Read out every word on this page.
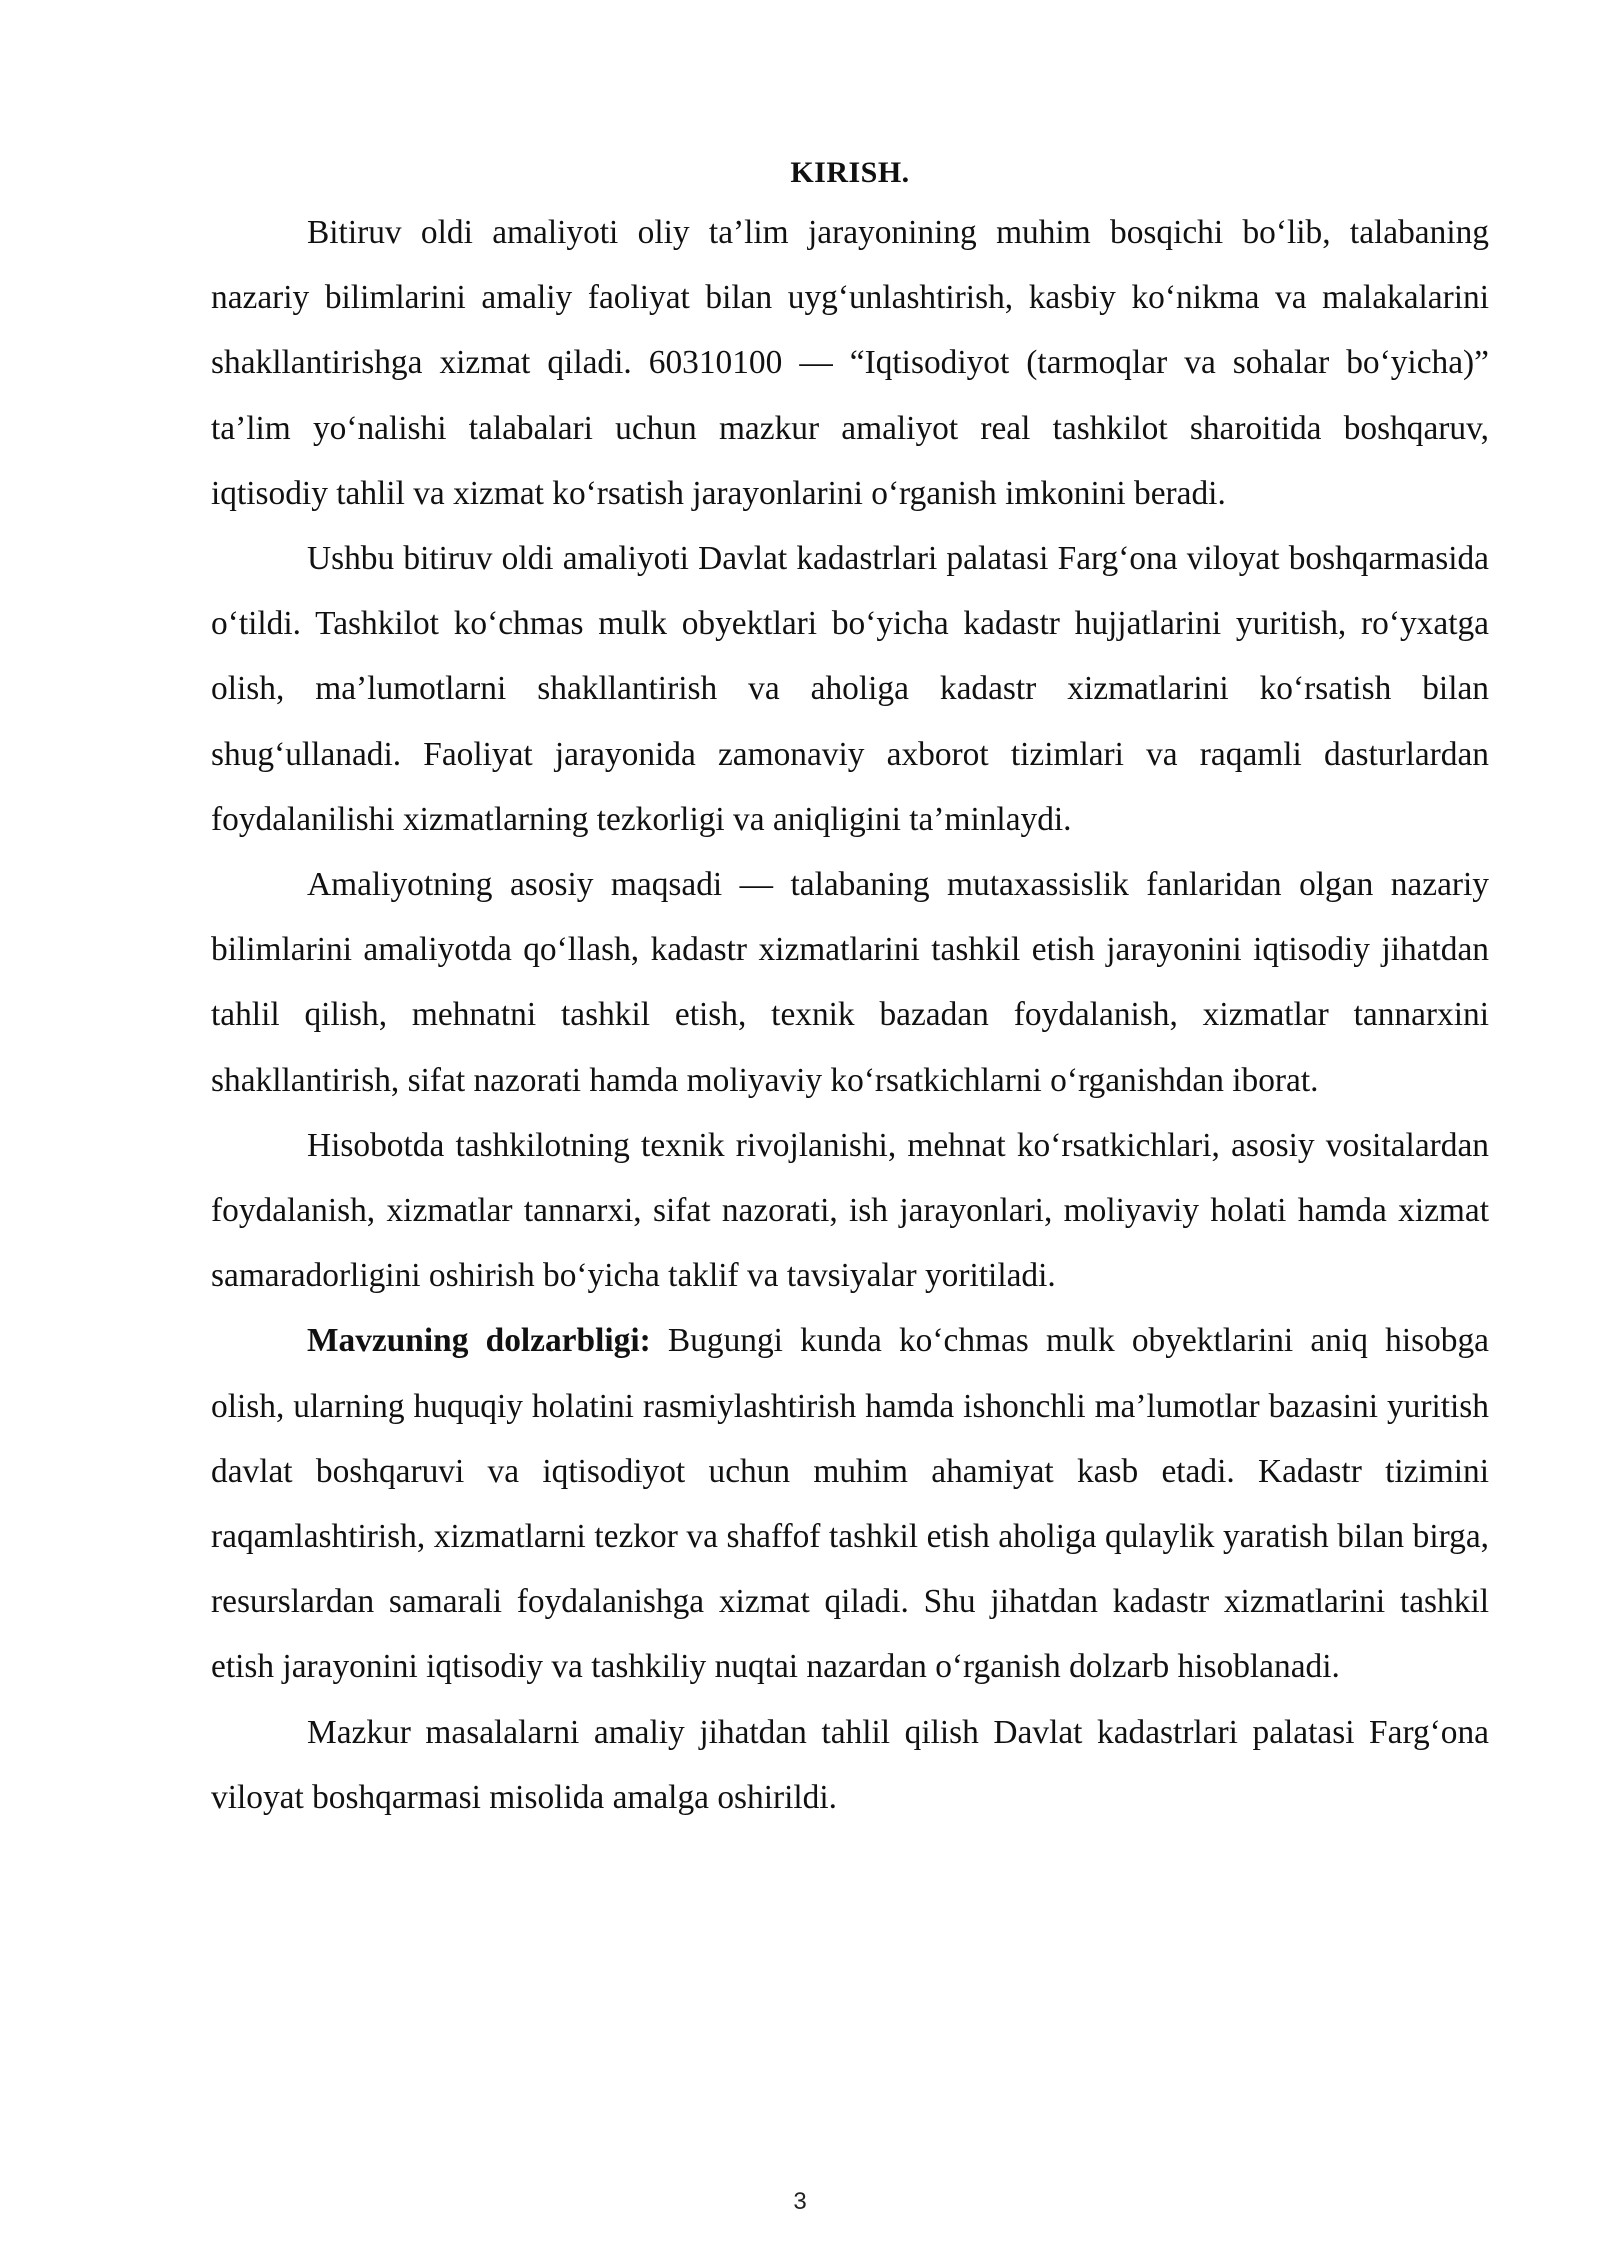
KIRISH.

Bitiruv oldi amaliyoti oliy ta’lim jarayonining muhim bosqichi bo‘lib, talabaning nazariy bilimlarini amaliy faoliyat bilan uyg‘unlashtirish, kasbiy ko‘nikma va malakalarini shakllantirishga xizmat qiladi. 60310100 — “Iqtisodiyot (tarmoqlar va sohalar bo‘yicha)” ta’lim yo‘nalishi talabalari uchun mazkur amaliyot real tashkilot sharoitida boshqaruv, iqtisodiy tahlil va xizmat ko‘rsatish jarayonlarini o‘rganish imkonini beradi.

Ushbu bitiruv oldi amaliyoti Davlat kadastrlari palatasi Farg‘ona viloyat boshqarmasida o‘tildi. Tashkilot ko‘chmas mulk obyektlari bo‘yicha kadastr hujjatlarini yuritish, ro‘yxatga olish, ma’lumotlarni shakllantirish va aholiga kadastr xizmatlarini ko‘rsatish bilan shug‘ullanadi. Faoliyat jarayonida zamonaviy axborot tizimlari va raqamli dasturlardan foydalanilishi xizmatlarning tezkorligi va aniqligini ta’minlaydi.

Amaliyotning asosiy maqsadi — talabaning mutaxassislik fanlaridan olgan nazariy bilimlarini amaliyotda qo‘llash, kadastr xizmatlarini tashkil etish jarayonini iqtisodiy jihatdan tahlil qilish, mehnatni tashkil etish, texnik bazadan foydalanish, xizmatlar tannarxini shakllantirish, sifat nazorati hamda moliyaviy ko‘rsatkichlarni o‘rganishdan iborat.

Hisobotda tashkilotning texnik rivojlanishi, mehnat ko‘rsatkichlari, asosiy vositalardan foydalanish, xizmatlar tannarxi, sifat nazorati, ish jarayonlari, moliyaviy holati hamda xizmat samaradorligini oshirish bo‘yicha taklif va tavsiyalar yoritiladi.

Mavzuning dolzarbligi: Bugungi kunda ko‘chmas mulk obyektlarini aniq hisobga olish, ularning huquqiy holatini rasmiylashtirish hamda ishonchli ma’lumotlar bazasini yuritish davlat boshqaruvi va iqtisodiyot uchun muhim ahamiyat kasb etadi. Kadastr tizimini raqamlashtirish, xizmatlarni tezkor va shaffof tashkil etish aholiga qulaylik yaratish bilan birga, resurslardan samarali foydalanishga xizmat qiladi. Shu jihatdan kadastr xizmatlarini tashkil etish jarayonini iqtisodiy va tashkiliy nuqtai nazardan o‘rganish dolzarb hisoblanadi.

Mazkur masalalarni amaliy jihatdan tahlil qilish Davlat kadastrlari palatasi Farg‘ona viloyat boshqarmasi misolida amalga oshirildi.

3
